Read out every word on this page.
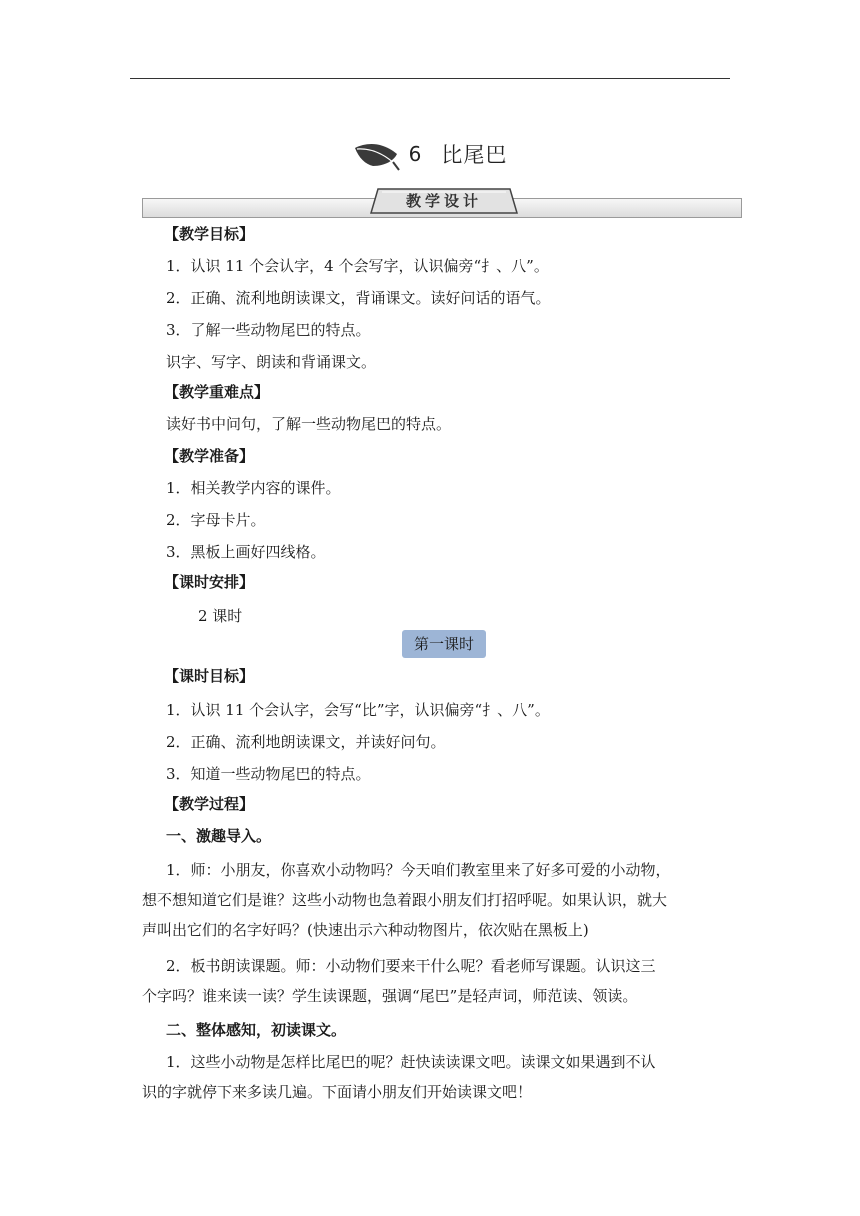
6 比尾巴
教学设计
【教学目标】
1．认识 11 个会认字，4 个会写字，认识偏旁“扌、八”。
2．正确、流利地朗读课文，背诵课文。读好问话的语气。
3．了解一些动物尾巴的特点。
识字、写字、朗读和背诵课文。
【教学重难点】
读好书中问句，了解一些动物尾巴的特点。
【教学准备】
1．相关教学内容的课件。
2．字母卡片。
3．黑板上画好四线格。
【课时安排】
2 课时
【课时目标】
1．认识 11 个会认字，会写“比”字，认识偏旁“扌、八”。
2．正确、流利地朗读课文，并读好问句。
3．知道一些动物尾巴的特点。
【教学过程】
一、激趣导入。
1．师：小朋友，你喜欢小动物吗？今天咱们教室里来了好多可爱的小动物，
想不想知道它们是谁？这些小动物也急着跟小朋友们打招呼呢。如果认识，就大
声叫出它们的名字好吗？(快速出示六种动物图片，依次贴在黑板上)
2．板书朗读课题。师：小动物们要来干什么呢？看老师写课题。认识这三
个字吗？谁来读一读？学生读课题，强调“尾巴”是轻声词，师范读、领读。
二、整体感知，初读课文。
1．这些小动物是怎样比尾巴的呢？赶快读读课文吧。读课文如果遇到不认
识的字就停下来多读几遍。下面请小朋友们开始读课文吧！
第一课时
